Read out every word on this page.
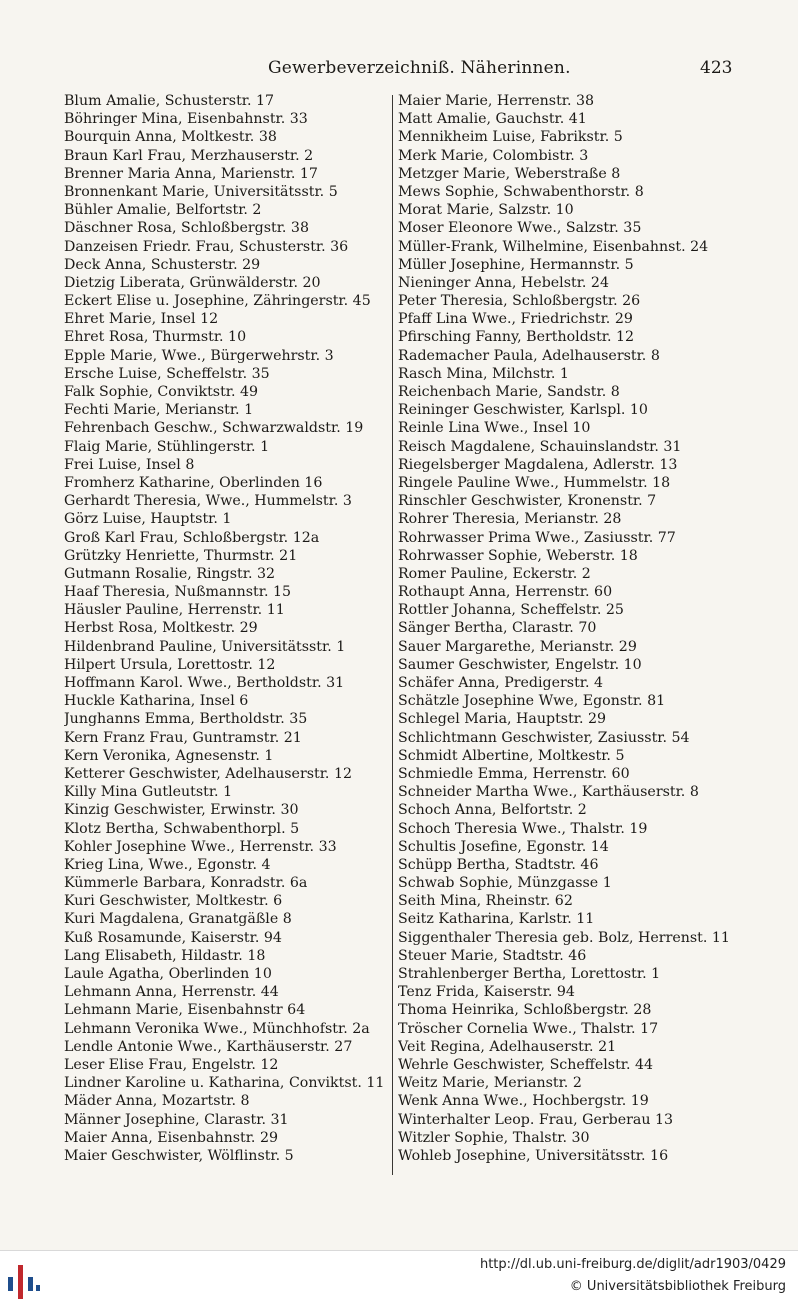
Gewerbeverzeichniß. Näherinnen.	423
Blum Amalie, Schusterstr. 17
Böhringer Mina, Eisenbahnstr. 33
Bourquin Anna, Moltkestr. 38
Braun Karl Frau, Merzhauserstr. 2
Brenner Maria Anna, Marienstr. 17
Bronnenkant Marie, Universitätsstr. 5
Bühler Amalie, Belfortstr. 2
Däschner Rosa, Schloßbergstr. 38
Danzeisen Friedr. Frau, Schusterstr. 36
Deck Anna, Schusterstr. 29
Dietzig Liberata, Grünwälderstr. 20
Eckert Elise u. Josephine, Zähringerstr. 45
Ehret Marie, Insel 12
Ehret Rosa, Thurmstr. 10
Epple Marie, Wwe., Bürgerwehrstr. 3
Ersche Luise, Scheffelstr. 35
Falk Sophie, Conviktstr. 49
Fechti Marie, Merianstr. 1
Fehrenbach Geschw., Schwarzwaldstr. 19
Flaig Marie, Stühlingerstr. 1
Frei Luise, Insel 8
Fromherz Katharine, Oberlinden 16
Gerhardt Theresia, Wwe., Hummelstr. 3
Görz Luise, Hauptstr. 1
Groß Karl Frau, Schloßbergstr. 12a
Grützky Henriette, Thurmstr. 21
Gutmann Rosalie, Ringstr. 32
Haaf Theresia, Nußmannstr. 15
Häusler Pauline, Herrenstr. 11
Herbst Rosa, Moltkestr. 29
Hildenbrand Pauline, Universitätsstr. 1
Hilpert Ursula, Lorettostr. 12
Hoffmann Karol. Wwe., Bertholdstr. 31
Huckle Katharina, Insel 6
Junghanns Emma, Bertholdstr. 35
Kern Franz Frau, Guntramstr. 21
Kern Veronika, Agnesenstr. 1
Ketterer Geschwister, Adelhauserstr. 12
Killy Mina Gutleutstr. 1
Kinzig Geschwister, Erwinstr. 30
Klotz Bertha, Schwabenthorpl. 5
Kohler Josephine Wwe., Herrenstr. 33
Krieg Lina, Wwe., Egonstr. 4
Kümmerle Barbara, Konradstr. 6a
Kuri Geschwister, Moltkestr. 6
Kuri Magdalena, Granatgäßle 8
Kuß Rosamunde, Kaiserstr. 94
Lang Elisabeth, Hildastr. 18
Laule Agatha, Oberlinden 10
Lehmann Anna, Herrenstr. 44
Lehmann Marie, Eisenbahnstr 64
Lehmann Veronika Wwe., Münchhofstr. 2a
Lendle Antonie Wwe., Karthäuserstr. 27
Leser Elise Frau, Engelstr. 12
Lindner Karoline u. Katharina, Conviktst. 11
Mäder Anna, Mozartstr. 8
Männer Josephine, Clarastr. 31
Maier Anna, Eisenbahnstr. 29
Maier Geschwister, Wölflinstr. 5
Maier Marie, Herrenstr. 38
Matt Amalie, Gauchstr. 41
Mennikheim Luise, Fabrikstr. 5
Merk Marie, Colombistr. 3
Metzger Marie, Weberstraße 8
Mews Sophie, Schwabenthorstr. 8
Morat Marie, Salzstr. 10
Moser Eleonore Wwe., Salzstr. 35
Müller-Frank, Wilhelmine, Eisenbahnst. 24
Müller Josephine, Hermannstr. 5
Nieninger Anna, Hebelstr. 24
Peter Theresia, Schloßbergstr. 26
Pfaff Lina Wwe., Friedrichstr. 29
Pfirsching Fanny, Bertholdstr. 12
Rademacher Paula, Adelhauserstr. 8
Rasch Mina, Milchstr. 1
Reichenbach Marie, Sandstr. 8
Reininger Geschwister, Karlspl. 10
Reinle Lina Wwe., Insel 10
Reisch Magdalene, Schauinslandstr. 31
Riegelsberger Magdalena, Adlerstr. 13
Ringele Pauline Wwe., Hummelstr. 18
Rinschler Geschwister, Kronenstr. 7
Rohrer Theresia, Merianstr. 28
Rohrwasser Prima Wwe., Zasiusstr. 77
Rohrwasser Sophie, Weberstr. 18
Romer Pauline, Eckerstr. 2
Rothaupt Anna, Herrenstr. 60
Rottler Johanna, Scheffelstr. 25
Sänger Bertha, Clarastr. 70
Sauer Margarethe, Merianstr. 29
Saumer Geschwister, Engelstr. 10
Schäfer Anna, Predigerstr. 4
Schätzle Josephine Wwe, Egonstr. 81
Schlegel Maria, Hauptstr. 29
Schlichtmann Geschwister, Zasiusstr. 54
Schmidt Albertine, Moltkestr. 5
Schmiedle Emma, Herrenstr. 60
Schneider Martha Wwe., Karthäuserstr. 8
Schoch Anna, Belfortstr. 2
Schoch Theresia Wwe., Thalstr. 19
Schultis Josefine, Egonstr. 14
Schüpp Bertha, Stadtstr. 46
Schwab Sophie, Münzgasse 1
Seith Mina, Rheinstr. 62
Seitz Katharina, Karlstr. 11
Siggenthaler Theresia geb. Bolz, Herrenst. 11
Steuer Marie, Stadtstr. 46
Strahlenberger Bertha, Lorettostr. 1
Tenz Frida, Kaiserstr. 94
Thoma Heinrika, Schloßbergstr. 28
Tröscher Cornelia Wwe., Thalstr. 17
Veit Regina, Adelhauserstr. 21
Wehrle Geschwister, Scheffelstr. 44
Weitz Marie, Merianstr. 2
Wenk Anna Wwe., Hochbergstr. 19
Winterhalter Leop. Frau, Gerberau 13
Witzler Sophie, Thalstr. 30
Wohleb Josephine, Universitätsstr. 16
http://dl.ub.uni-freiburg.de/diglit/adr1903/0429
© Universitätsbibliothek Freiburg
